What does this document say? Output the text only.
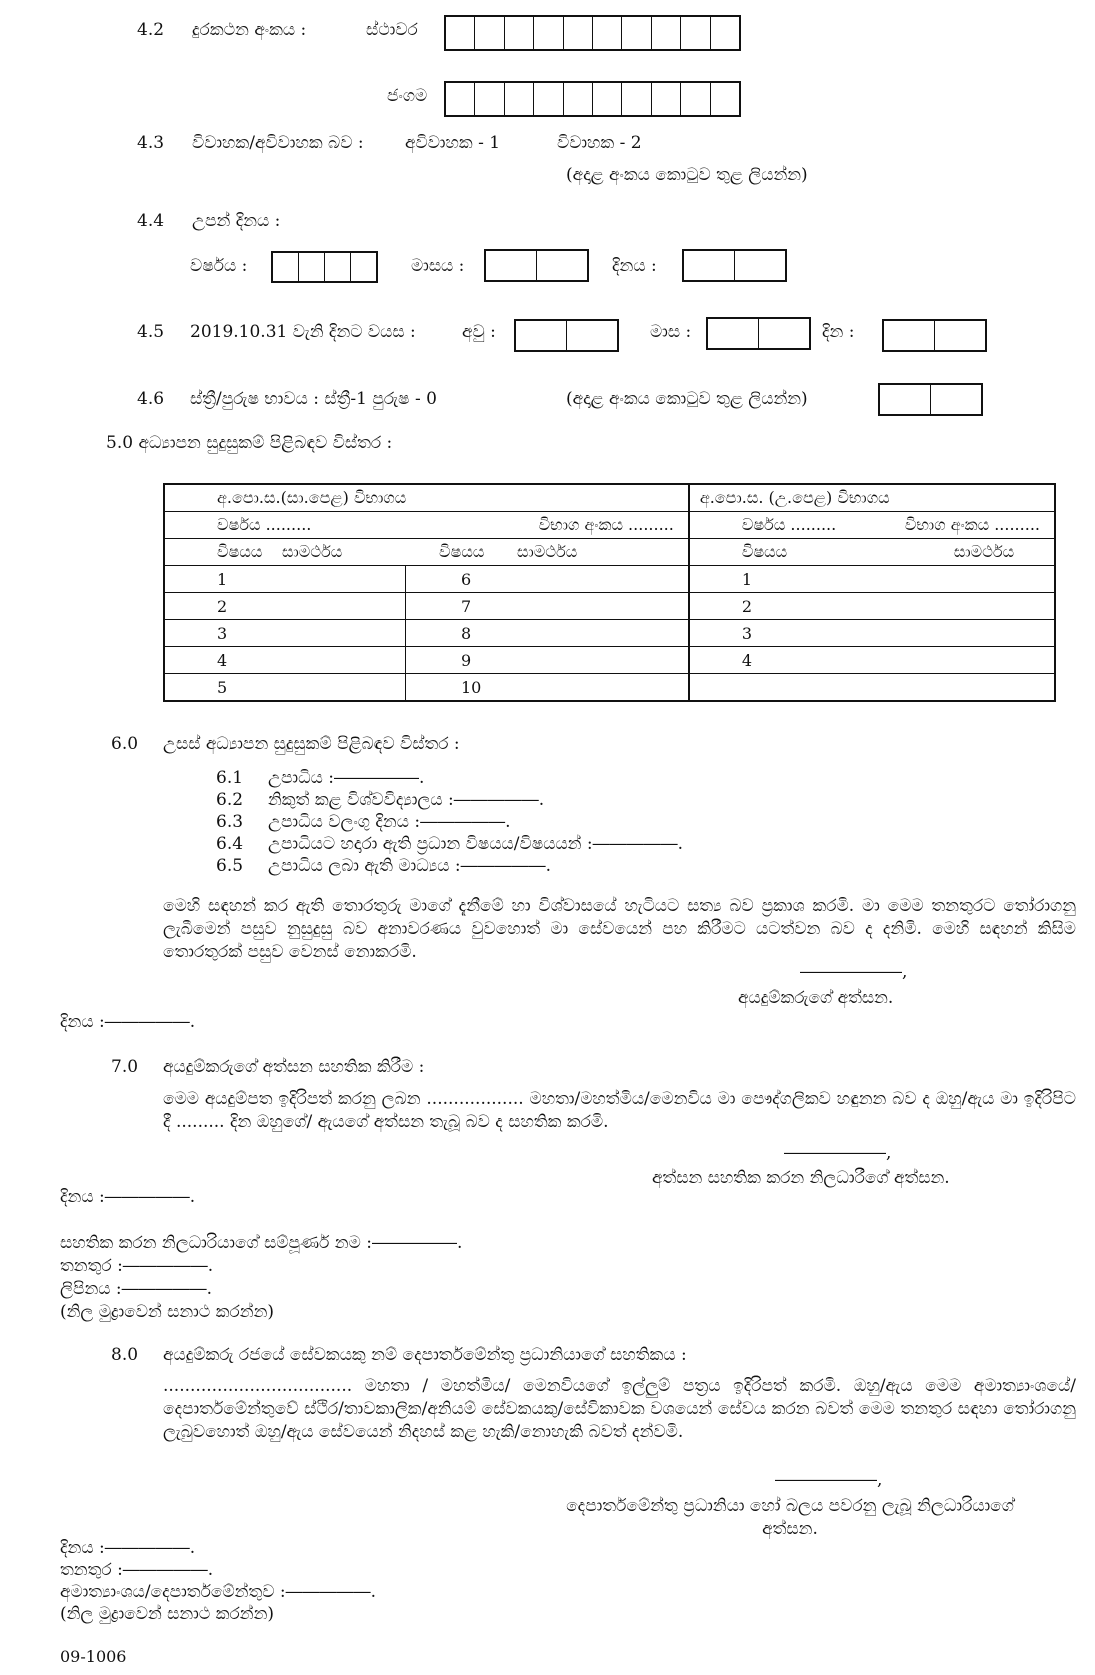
4.2 දුරකථන අංකය :	ස්ථාවර
ජංගම
4.3 විවාහක/අවිවාහක බව : අවිවාහක - 1	විවාහක - 2
(අදාළ අංකය කොටුව තුළ ලියන්න)
4.4 උපන් දිනය :
වර්ෂය :	මාසය :	දිනය :
4.5 2019.10.31 වැනි දිනට වයස :	අවු :	මාස :	දින :
4.6 ස්ත්‍රී/පුරුෂ භාවය : ස්ත්‍රී-1 පුරුෂ - 0	(අදාළ අංකය කොටුව තුළ ලියන්න)
5.0 අධ්‍යාපන සුදුසුකම් පිළිබඳව විස්තර :
අ.පො.ස.(සා.පෙළ) විභාගය		අ.පො.ස. (උ.පෙළ) විභාගය

වර්ෂය ......... විභාග අංකය .........		වර්ෂය ......... විභාග අංකය .........

විෂයය සාමර්ථය විෂයය සාමර්ථය		විෂයය සාමර්ථය

1	6	1
2	7	2
3	8	3
4	9	4
5	10	
6.0 උසස් අධ්‍යාපන සුදුසුකම් පිළිබඳව විස්තර :
6.1 උපාධිය :―――――.
6.2 නිකුත් කළ විශ්වවිද්‍යාලය :―――――.
6.3 උපාධිය වලංගු දිනය :―――――.
6.4 උපාධියට හදාරා ඇති ප්‍රධාන විෂයය/විෂයයන් :―――――.
6.5 උපාධිය ලබා ඇති මාධ්‍යය :―――――.
මෙහි සඳහන් කර ඇති තොරතුරු මාගේ දැනීමේ හා විශ්වාසයේ හැටියට සත්‍ය බව ප්‍රකාශ කරමි. මා මෙම තනතුරට තෝරාගනු ලැබීමෙන් පසුව නුසුදුසු බව අනාවරණය වුවහොත් මා සේවයෙන් පහ කිරීමට යටත්වන බව ද දනිමි. මෙහි සඳහන් කිසිම තොරතුරක් පසුව වෙනස් නොකරමි.
――――――,
අයදුම්කරුගේ අත්සන.
දිනය :―――――.
7.0 අයදුම්කරුගේ අත්සන සහතික කිරීම :
මෙම අයදුම්පත ඉදිරිපත් කරනු ලබන .................. මහතා/මහත්මිය/මෙනවිය මා පෞද්ගලිකව හඳුනන බව ද ඔහු/ඇය මා ඉදිරිපිට දී ......... දින ඔහුගේ/ ඇයගේ අත්සන තැබූ බව ද සහතික කරමි.
――――――,
අත්සන සහතික කරන නිලධාරීගේ අත්සන.
දිනය :―――――.
සහතික කරන නිලධාරියාගේ සම්පූර්ණ නම :―――――.
තනතුර :―――――.
ලිපිනය :―――――.
(නිල මුද්‍රාවෙන් සනාථ කරන්න)
8.0 අයදුම්කරු රජයේ සේවකයකු නම් දෙපාර්තමේන්තු ප්‍රධානියාගේ සහතිකය :
................................... මහතා / මහත්මිය/ මෙනවියගේ ඉල්ලුම් පත්‍රය ඉදිරිපත් කරමි. ඔහු/ඇය මෙම අමාත්‍යාංශයේ/දෙපාර්තමේන්තුවේ ස්ථිර/තාවකාලික/අනියම් සේවකයකු/සේවිකාවක වශයෙන් සේවය කරන බවත් මෙම තනතුර සඳහා තෝරාගනු ලැබුවහොත් ඔහු/ඇය සේවයෙන් නිදහස් කළ හැකි/නොහැකි බවත් දන්වමි.
――――――,
දෙපාර්තමේන්තු ප්‍රධානියා හෝ බලය පවරනු ලැබූ නිලධාරියාගේ
අත්සන.
දිනය :―――――.
තනතුර :―――――.
අමාත්‍යාංශය/දෙපාර්තමේන්තුව :―――――.
(නිල මුද්‍රාවෙන් සනාථ කරන්න)
09-1006
